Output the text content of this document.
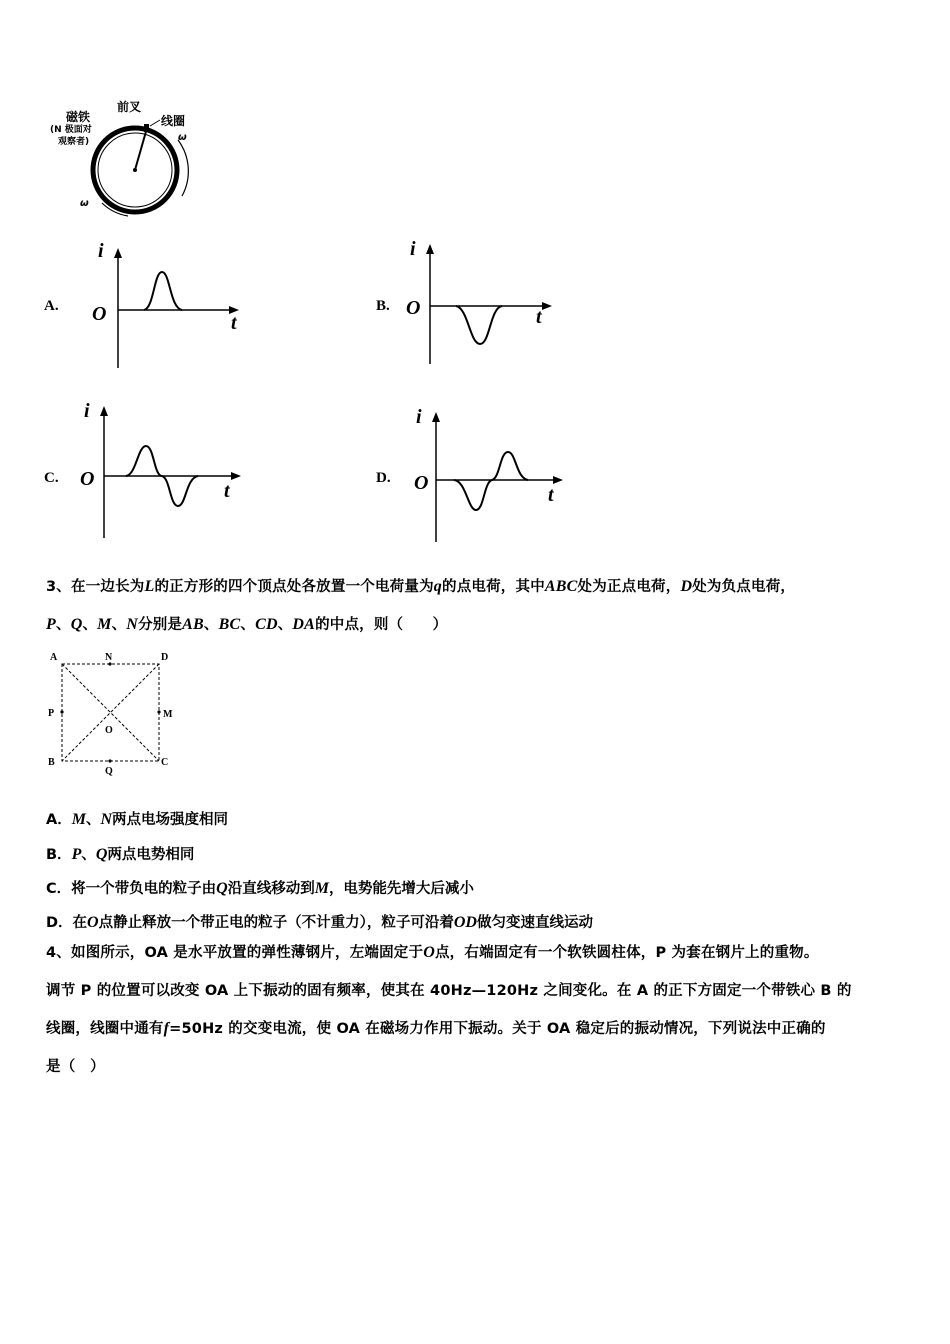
磁铁
(N 极面对
观察者)
前叉
线圈
ω
ω
A.
i
O	t
B.
i
O	t
C.
i
O
t
D.
i
O
t
3、在一边长为L的正方形的四个顶点处各放置一个电荷量为q的点电荷，其中ABC处为正点电荷，D处为负点电荷，
P、Q、M、N分别是AB、BC、CD、DA的中点，则（　　）
A	N	D
P	M
O
B
Q
C
A．M、N两点电场强度相同
B．P、Q两点电势相同
C．将一个带负电的粒子由Q沿直线移动到M，电势能先增大后减小
D．在O点静止释放一个带正电的粒子（不计重力），粒子可沿着OD做匀变速直线运动
4、如图所示，OA 是水平放置的弹性薄钢片，左端固定于O点，右端固定有一个软铁圆柱体，P 为套在钢片上的重物。
调节 P 的位置可以改变 OA 上下振动的固有频率，使其在 40Hz—120Hz 之间变化。在 A 的正下方固定一个带铁心 B 的
线圈，线圈中通有f=50Hz 的交变电流，使 OA 在磁场力作用下振动。关于 OA 稳定后的振动情况，下列说法中正确的
是（　）
